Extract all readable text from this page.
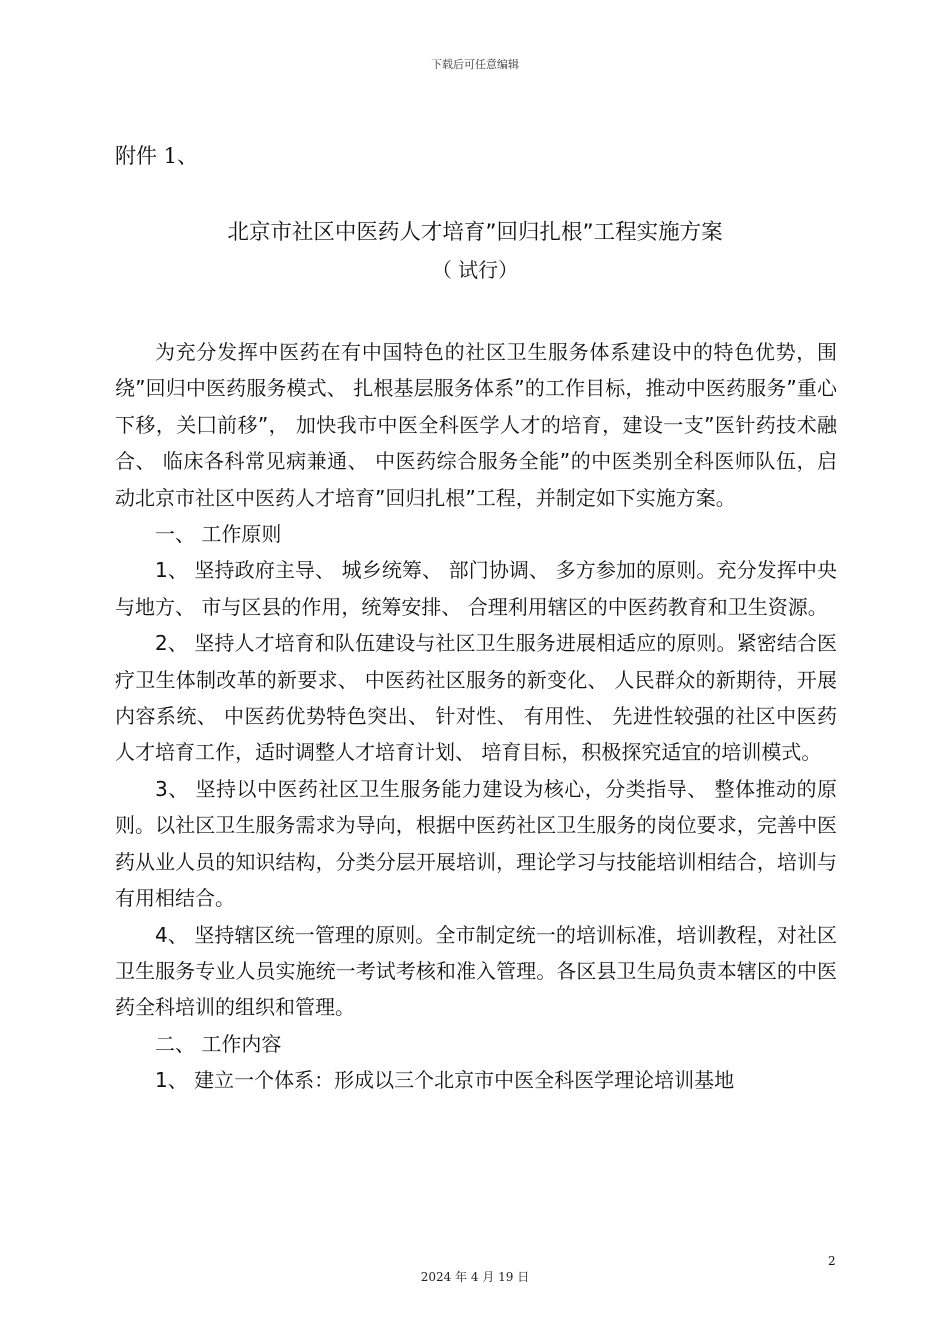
下载后可任意编辑
附件 1、
北京市社区中医药人才培育”回归扎根”工程实施方案
（ 试行）

为充分发挥中医药在有中国特色的社区卫生服务体系建设中的特色优势，围绕”回归中医药服务模式、 扎根基层服务体系”的工作目标，推动中医药服务”重心下移，关囗前移”， 加快我市中医全科医学人才的培育，建设一支”医针药技术融合、 临床各科常见病兼通、 中医药综合服务全能”的中医类别全科医师队伍，启动北京市社区中医药人才培育”回归扎根”工程，并制定如下实施方案。

一、 工作原则

1、 坚持政府主导、 城乡统筹、 部门协调、 多方参加的原则。充分发挥中央与地方、 市与区县的作用，统筹安排、 合理利用辖区的中医药教育和卫生资源。

2、 坚持人才培育和队伍建设与社区卫生服务进展相适应的原则。紧密结合医疗卫生体制改革的新要求、 中医药社区服务的新变化、 人民群众的新期待，开展内容系统、 中医药优势特色突出、 针对性、 有用性、 先进性较强的社区中医药人才培育工作，适时调整人才培育计划、 培育目标，积极探究适宜的培训模式。

3、 坚持以中医药社区卫生服务能力建设为核心，分类指导、 整体推动的原则。以社区卫生服务需求为导向，根据中医药社区卫生服务的岗位要求，完善中医药从业人员的知识结构，分类分层开展培训，理论学习与技能培训相结合，培训与有用相结合。

4、 坚持辖区统一管理的原则。全市制定统一的培训标准，培训教程，对社区卫生服务专业人员实施统一考试考核和准入管理。各区县卫生局负责本辖区的中医药全科培训的组织和管理。

二、 工作内容

1、 建立一个体系：形成以三个北京市中医全科医学理论培训基地

2
2024 年 4 月 19 日
